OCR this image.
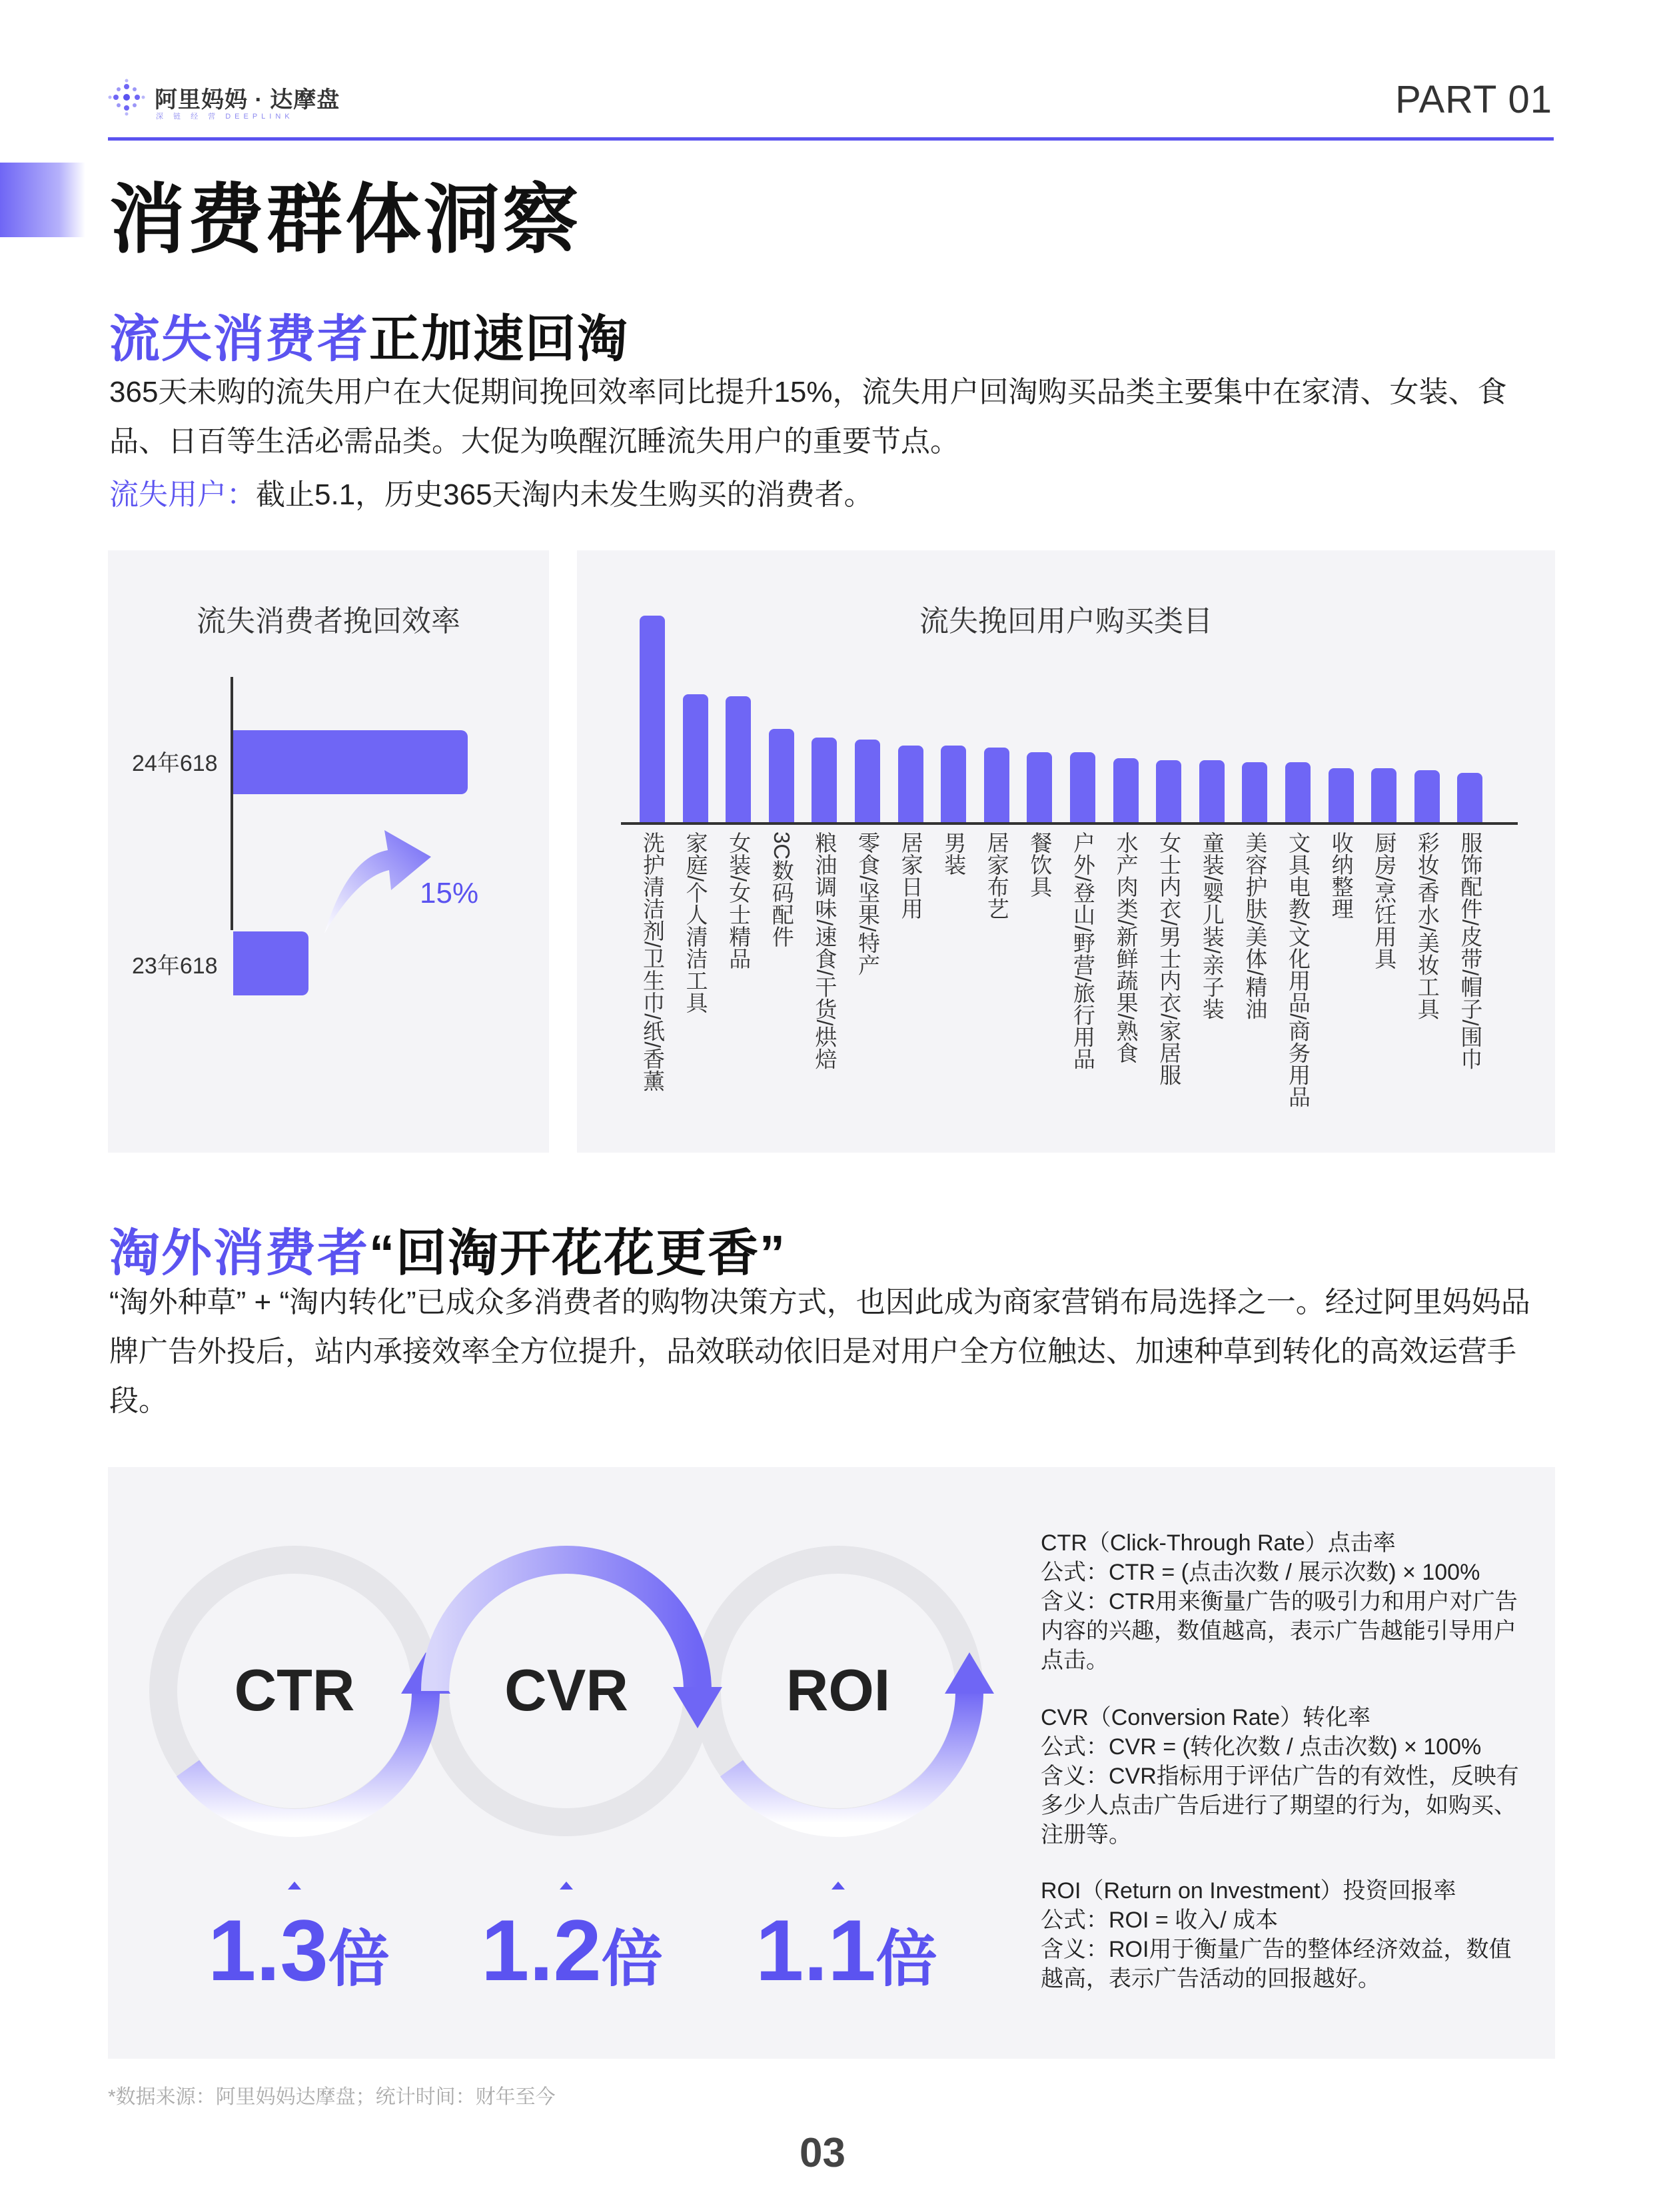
阿里妈妈 · 达摩盘
深 链 经 营 DEEPLINK	PART 01
消费群体洞察
流失消费者正加速回淘
365天未购的流失用户在大促期间挽回效率同比提升15%，流失用户回淘购买品类主要集中在家清、女装、食品、日百等生活必需品类。大促为唤醒沉睡流失用户的重要节点。
流失用户：截止5.1，历史365天淘内未发生购买的消费者。
流失消费者挽回效率
24年618
23年618
15%
流失挽回用户购买类目
洗护清洁剂/卫生巾/纸/香薰 家庭/个人清洁工具 女装/女士精品 3C数码配件 粮油调味/速食/干货/烘焙 零食/坚果/特产 居家日用 男装 居家布艺 餐饮具 户外/登山/野营/旅行用品 水产肉类/新鲜蔬果/熟食 女士内衣/男士内衣/家居服 童装/婴儿装/亲子装 美容护肤/美体/精油 文具电教/文化用品/商务用品 收纳整理 厨房/烹饪用具 彩妆/香水/美妆工具 服饰配件/皮带/帽子/围巾
淘外消费者“回淘开花花更香”
“淘外种草” + “淘内转化”已成众多消费者的购物决策方式，也因此成为商家营销布局选择之一。经过阿里妈妈品牌广告外投后，站内承接效率全方位提升，品效联动依旧是对用户全方位触达、加速种草到转化的高效运营手段。
CTR	CVR	ROI
1.3倍 1.2倍 1.1倍
CTR（Click-Through Rate）点击率
公式：CTR = (点击次数 / 展示次数) × 100%
含义：CTR用来衡量广告的吸引力和用户对广告内容的兴趣，数值越高，表示广告越能引导用户点击。
CVR（Conversion Rate）转化率
公式：CVR = (转化次数 / 点击次数) × 100%
含义：CVR指标用于评估广告的有效性，反映有多少人点击广告后进行了期望的行为，如购买、注册等。
ROI（Return on Investment）投资回报率
公式：ROI = 收入/ 成本
含义：ROI用于衡量广告的整体经济效益，数值越高，表示广告活动的回报越好。
*数据来源：阿里妈妈达摩盘；统计时间：财年至今
03
